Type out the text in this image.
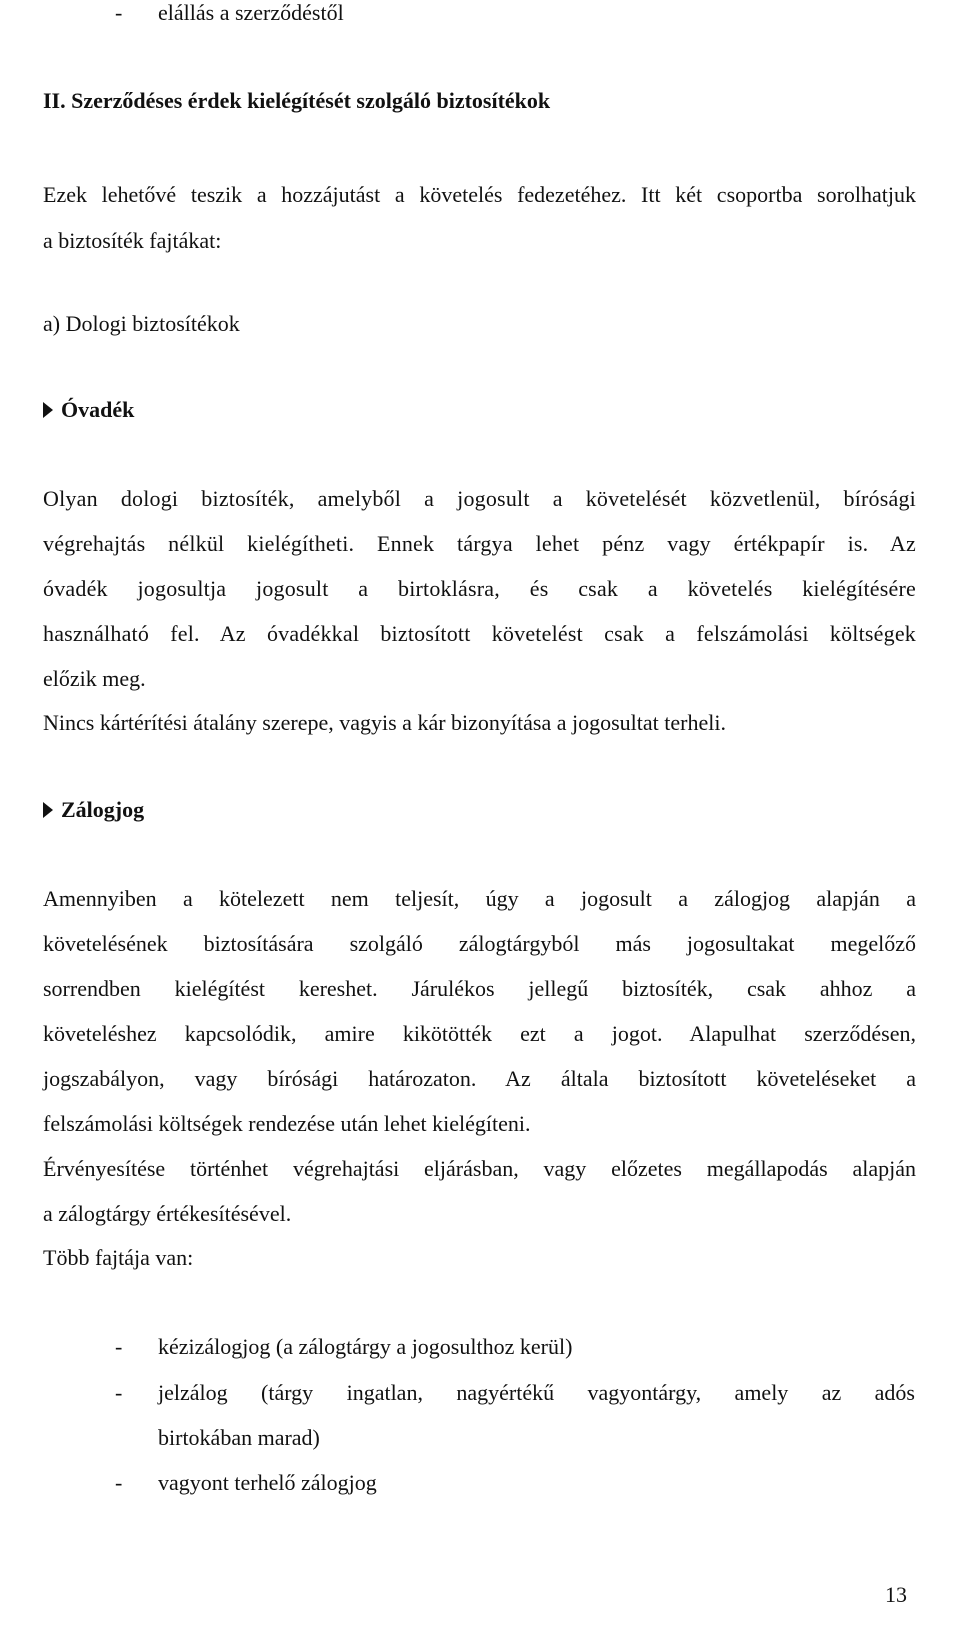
- elállás a szerződéstől
II. Szerződéses érdek kielégítését szolgáló biztosítékok
Ezek lehetővé teszik a hozzájutást a követelés fedezetéhez. Itt két csoportba sorolhatjuk
a biztosíték fajtákat:
a) Dologi biztosítékok
Óvadék
Olyan dologi biztosíték, amelyből a jogosult a követelését közvetlenül, bírósági
végrehajtás nélkül kielégítheti. Ennek tárgya lehet pénz vagy értékpapír is. Az
óvadék jogosultja jogosult a birtoklásra, és csak a követelés kielégítésére
használható fel. Az óvadékkal biztosított követelést csak a felszámolási költségek
előzik meg.
Nincs kártérítési átalány szerepe, vagyis a kár bizonyítása a jogosultat terheli.
Zálogjog
Amennyiben a kötelezett nem teljesít, úgy a jogosult a zálogjog alapján a
követelésének biztosítására szolgáló zálogtárgyból más jogosultakat megelőző
sorrendben kielégítést kereshet. Járulékos jellegű biztosíték, csak ahhoz a
követeléshez kapcsolódik, amire kikötötték ezt a jogot. Alapulhat szerződésen,
jogszabályon, vagy bírósági határozaton. Az általa biztosított követeléseket a
felszámolási költségek rendezése után lehet kielégíteni.
Érvényesítése történhet végrehajtási eljárásban, vagy előzetes megállapodás alapján
a zálogtárgy értékesítésével.
Több fajtája van:
- kézizálogjog (a zálogtárgy a jogosulthoz kerül)
- jelzálog (tárgy ingatlan, nagyértékű vagyontárgy, amely az adós
birtokában marad)
- vagyont terhelő zálogjog
13
